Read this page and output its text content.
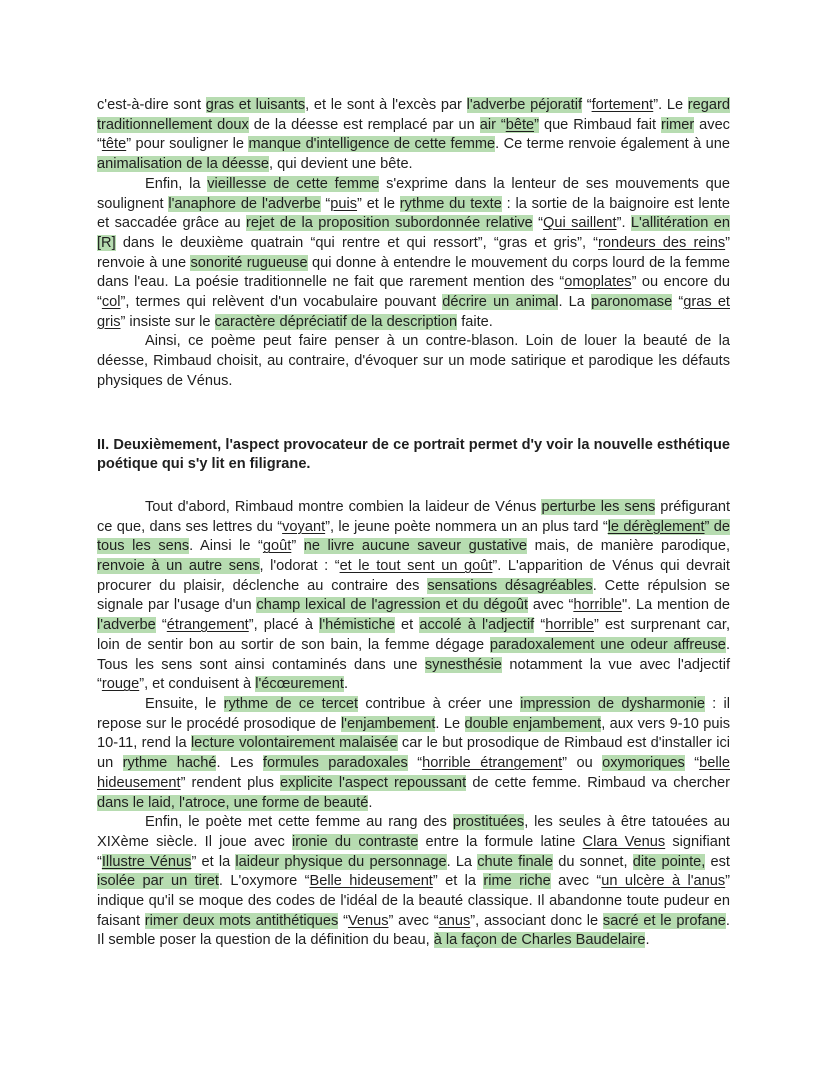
c'est-à-dire sont gras et luisants, et le sont à l'excès par l'adverbe péjoratif “fortement”. Le regard traditionnellement doux de la déesse est remplacé par un air “bête” que Rimbaud fait rimer avec “tête” pour souligner le manque d'intelligence de cette femme. Ce terme renvoie également à une animalisation de la déesse, qui devient une bête.

Enfin, la vieillesse de cette femme s'exprime dans la lenteur de ses mouvements que soulignent l'anaphore de l'adverbe “puis” et le rythme du texte : la sortie de la baignoire est lente et saccadée grâce au rejet de la proposition subordonnée relative “Qui saillent”. L'allitération en [R] dans le deuxième quatrain “qui rentre et qui ressort”, “gras et gris”, “rondeurs des reins” renvoie à une sonorité rugueuse qui donne à entendre le mouvement du corps lourd de la femme dans l'eau. La poésie traditionnelle ne fait que rarement mention des “omoplates” ou encore du “col”, termes qui relèvent d'un vocabulaire pouvant décrire un animal. La paronomase “gras et gris” insiste sur le caractère dépréciatif de la description faite.

Ainsi, ce poème peut faire penser à un contre-blason. Loin de louer la beauté de la déesse, Rimbaud choisit, au contraire, d'évoquer sur un mode satirique et parodique les défauts physiques de Vénus.

II. Deuxièmement, l'aspect provocateur de ce portrait permet d'y voir la nouvelle esthétique poétique qui s'y lit en filigrane.

Tout d'abord, Rimbaud montre combien la laideur de Vénus perturbe les sens préfigurant ce que, dans ses lettres du “voyant”, le jeune poète nommera un an plus tard “le dérèglement” de tous les sens. Ainsi le “goût” ne livre aucune saveur gustative mais, de manière parodique, renvoie à un autre sens, l'odorat : “et le tout sent un goût”. L'apparition de Vénus qui devrait procurer du plaisir, déclenche au contraire des sensations désagréables. Cette répulsion se signale par l'usage d'un champ lexical de l'agression et du dégoût avec “horrible". La mention de l'adverbe “étrangement”, placé à l'hémistiche et accolé à l'adjectif “horrible” est surprenant car, loin de sentir bon au sortir de son bain, la femme dégage paradoxalement une odeur affreuse. Tous les sens sont ainsi contaminés dans une synesthésie notamment la vue avec l'adjectif “rouge”, et conduisent à l'écœurement.

Ensuite, le rythme de ce tercet contribue à créer une impression de dysharmonie : il repose sur le procédé prosodique de l'enjambement. Le double enjambement, aux vers 9-10 puis 10-11, rend la lecture volontairement malaisée car le but prosodique de Rimbaud est d'installer ici un rythme haché. Les formules paradoxales “horrible étrangement” ou oxymoriques “belle hideusement” rendent plus explicite l'aspect repoussant de cette femme. Rimbaud va chercher dans le laid, l'atroce, une forme de beauté.

Enfin, le poète met cette femme au rang des prostituées, les seules à être tatouées au XIXème siècle. Il joue avec ironie du contraste entre la formule latine Clara Venus signifiant “Illustre Vénus” et la laideur physique du personnage. La chute finale du sonnet, dite pointe, est isolée par un tiret. L'oxymore “Belle hideusement” et la rime riche avec “un ulcère à l'anus” indique qu'il se moque des codes de l'idéal de la beauté classique. Il abandonne toute pudeur en faisant rimer deux mots antithétiques “Venus” avec “anus”, associant donc le sacré et le profane. Il semble poser la question de la définition du beau, à la façon de Charles Baudelaire.
